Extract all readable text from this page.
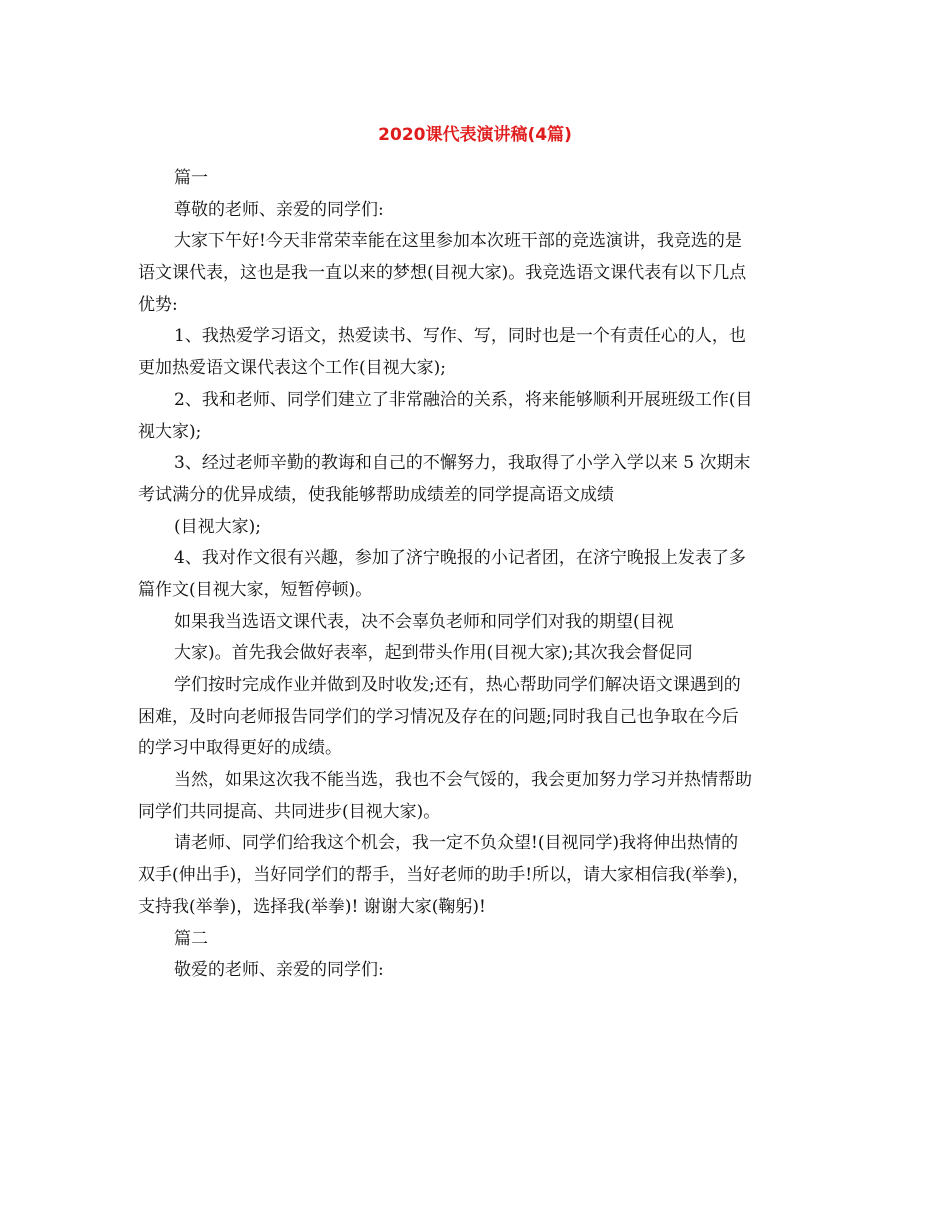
2020课代表演讲稿(4篇)

篇一

尊敬的老师、亲爱的同学们:

大家下午好!今天非常荣幸能在这里参加本次班干部的竞选演讲，我竞选的是

语文课代表，这也是我一直以来的梦想(目视大家)。我竞选语文课代表有以下几点

优势:

1、我热爱学习语文，热爱读书、写作、写，同时也是一个有责任心的人，也

更加热爱语文课代表这个工作(目视大家);

2、我和老师、同学们建立了非常融洽的关系，将来能够顺利开展班级工作(目

视大家);

3、经过老师辛勤的教诲和自己的不懈努力，我取得了小学入学以来 5 次期末

考试满分的优异成绩，使我能够帮助成绩差的同学提高语文成绩

(目视大家);

4、我对作文很有兴趣，参加了济宁晚报的小记者团，在济宁晚报上发表了多

篇作文(目视大家，短暂停顿)。

如果我当选语文课代表，决不会辜负老师和同学们对我的期望(目视

大家)。首先我会做好表率，起到带头作用(目视大家);其次我会督促同

学们按时完成作业并做到及时收发;还有，热心帮助同学们解决语文课遇到的

困难，及时向老师报告同学们的学习情况及存在的问题;同时我自己也争取在今后

的学习中取得更好的成绩。

当然，如果这次我不能当选，我也不会气馁的，我会更加努力学习并热情帮助

同学们共同提高、共同进步(目视大家)。

请老师、同学们给我这个机会，我一定不负众望!(目视同学)我将伸出热情的

双手(伸出手)，当好同学们的帮手，当好老师的助手!所以，请大家相信我(举拳)，

支持我(举拳)，选择我(举拳)! 谢谢大家(鞠躬)!

篇二

敬爱的老师、亲爱的同学们:
